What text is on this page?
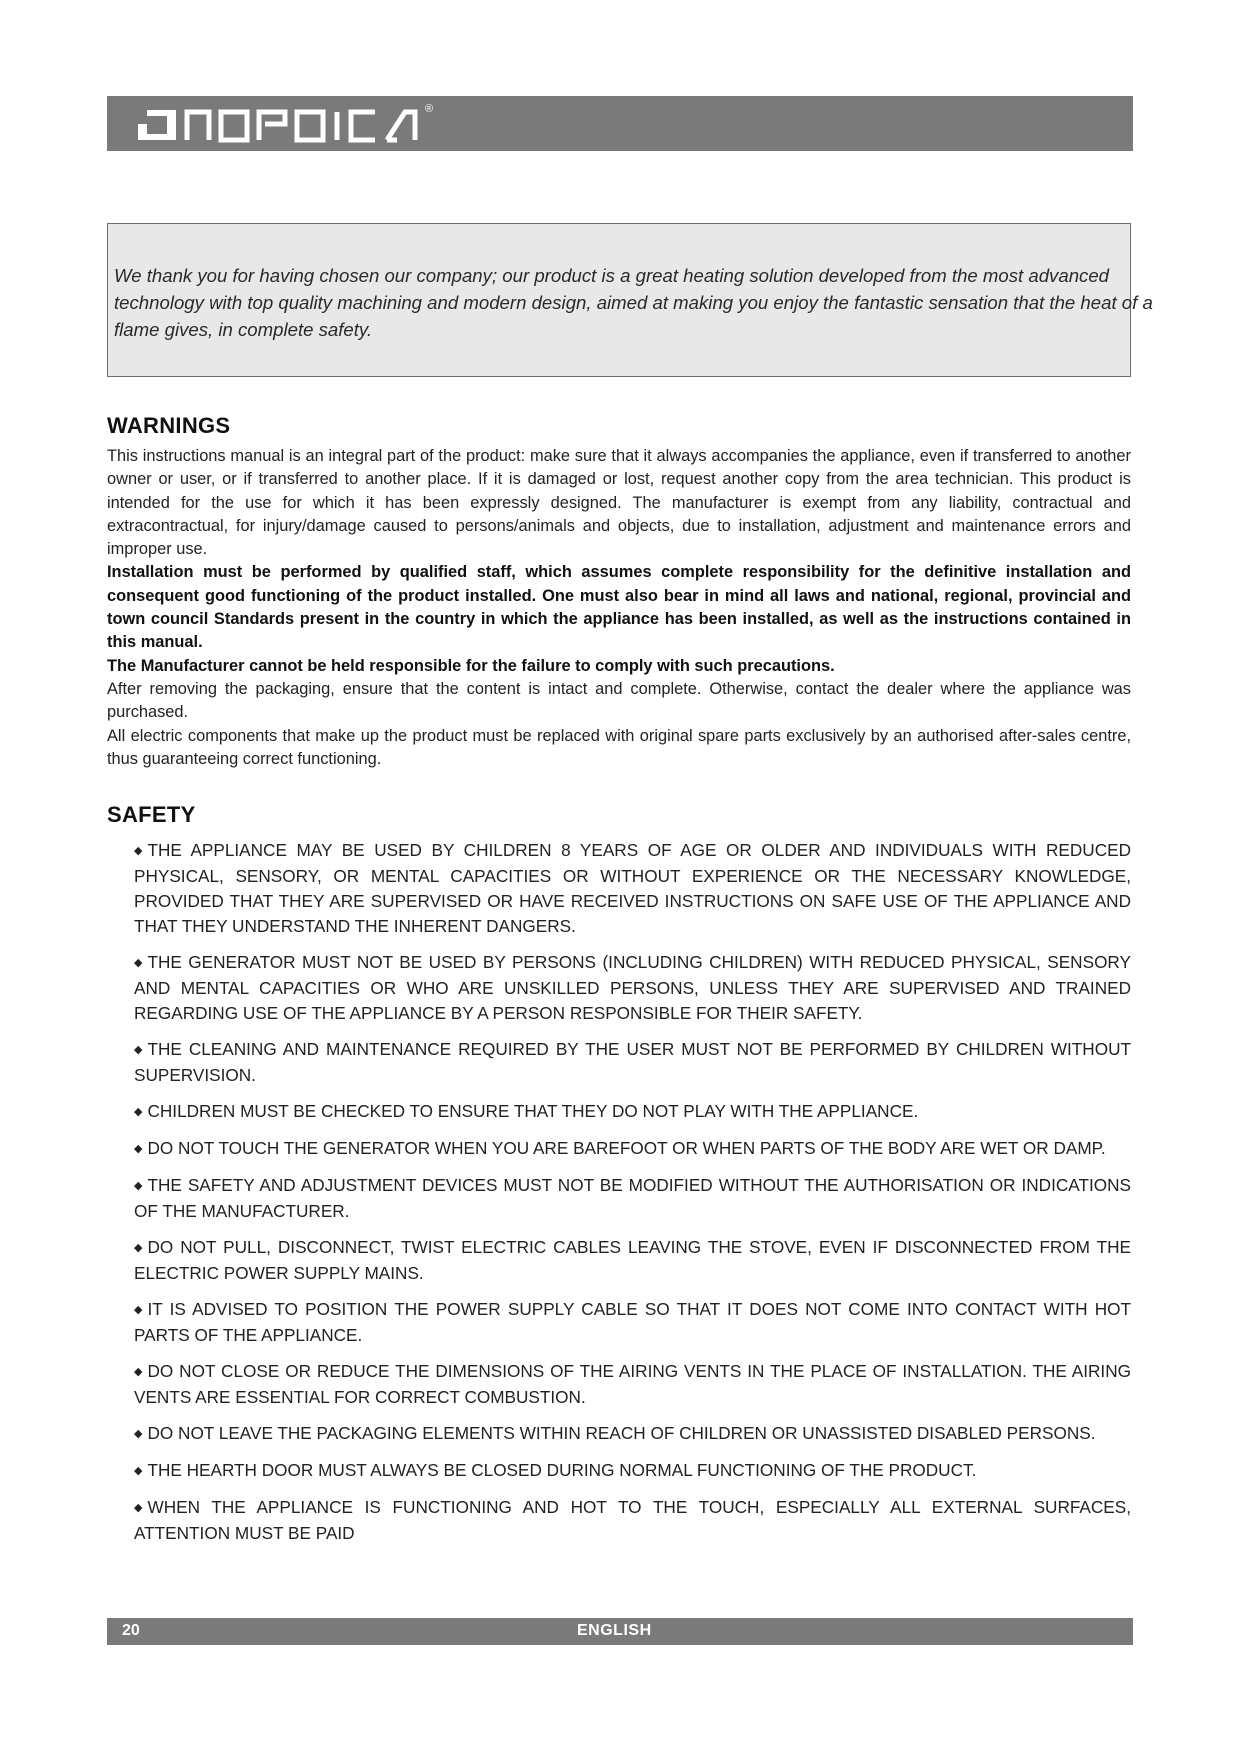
®

We thank you for having chosen our company; our product is a great heating solution developed from the most advanced technology with top quality machining and modern design, aimed at making you enjoy the fantastic sensation that the heat of a flame gives, in complete safety.

WARNINGS

This instructions manual is an integral part of the product: make sure that it always accompanies the appliance, even if transferred to another owner or user, or if transferred to another place. If it is damaged or lost, request another copy from the area technician. This product is intended for the use for which it has been expressly designed. The manufacturer is exempt from any liability, contractual and extracontractual, for injury/damage caused to persons/animals and objects, due to installation, adjustment and maintenance errors and improper use.

Installation must be performed by qualified staff, which assumes complete responsibility for the definitive installation and consequent good functioning of the product installed. One must also bear in mind all laws and national, regional, provincial and town council Standards present in the country in which the appliance has been installed, as well as the instructions contained in this manual.

The Manufacturer cannot be held responsible for the failure to comply with such precautions.

After removing the packaging, ensure that the content is intact and complete. Otherwise, contact the dealer where the appliance was purchased.

All electric components that make up the product must be replaced with original spare parts exclusively by an authorised after-sales centre, thus guaranteeing correct functioning.

SAFETY
◆ THE APPLIANCE MAY BE USED BY CHILDREN 8 YEARS OF AGE OR OLDER AND INDIVIDUALS WITH REDUCED PHYSICAL, SENSORY, OR MENTAL CAPACITIES OR WITHOUT EXPERIENCE OR THE NECESSARY KNOWLEDGE, PROVIDED THAT THEY ARE SUPERVISED OR HAVE RECEIVED INSTRUCTIONS ON SAFE USE OF THE APPLIANCE AND THAT THEY UNDERSTAND THE INHERENT DANGERS.
◆ THE GENERATOR MUST NOT BE USED BY PERSONS (INCLUDING CHILDREN) WITH REDUCED PHYSICAL, SENSORY AND MENTAL CAPACITIES OR WHO ARE UNSKILLED PERSONS, UNLESS THEY ARE SUPERVISED AND TRAINED REGARDING USE OF THE APPLIANCE BY A PERSON RESPONSIBLE FOR THEIR SAFETY.
◆ THE CLEANING AND MAINTENANCE REQUIRED BY THE USER MUST NOT BE PERFORMED BY CHILDREN WITHOUT SUPERVISION.
◆ CHILDREN MUST BE CHECKED TO ENSURE THAT THEY DO NOT PLAY WITH THE APPLIANCE.
◆ DO NOT TOUCH THE GENERATOR WHEN YOU ARE BAREFOOT OR WHEN PARTS OF THE BODY ARE WET OR DAMP.
◆ THE SAFETY AND ADJUSTMENT DEVICES MUST NOT BE MODIFIED WITHOUT THE AUTHORISATION OR INDICATIONS OF THE MANUFACTURER.
◆ DO NOT PULL, DISCONNECT, TWIST ELECTRIC CABLES LEAVING THE STOVE, EVEN IF DISCONNECTED FROM THE ELECTRIC POWER SUPPLY MAINS.
◆ IT IS ADVISED TO POSITION THE POWER SUPPLY CABLE SO THAT IT DOES NOT COME INTO CONTACT WITH HOT PARTS OF THE APPLIANCE.
◆ DO NOT CLOSE OR REDUCE THE DIMENSIONS OF THE AIRING VENTS IN THE PLACE OF INSTALLATION. THE AIRING VENTS ARE ESSENTIAL FOR CORRECT COMBUSTION.
◆ DO NOT LEAVE THE PACKAGING ELEMENTS WITHIN REACH OF CHILDREN OR UNASSISTED DISABLED PERSONS.
◆ THE HEARTH DOOR MUST ALWAYS BE CLOSED DURING NORMAL FUNCTIONING OF THE PRODUCT.
◆ WHEN THE APPLIANCE IS FUNCTIONING AND HOT TO THE TOUCH, ESPECIALLY ALL EXTERNAL SURFACES, ATTENTION MUST BE PAID
20	ENGLISH
